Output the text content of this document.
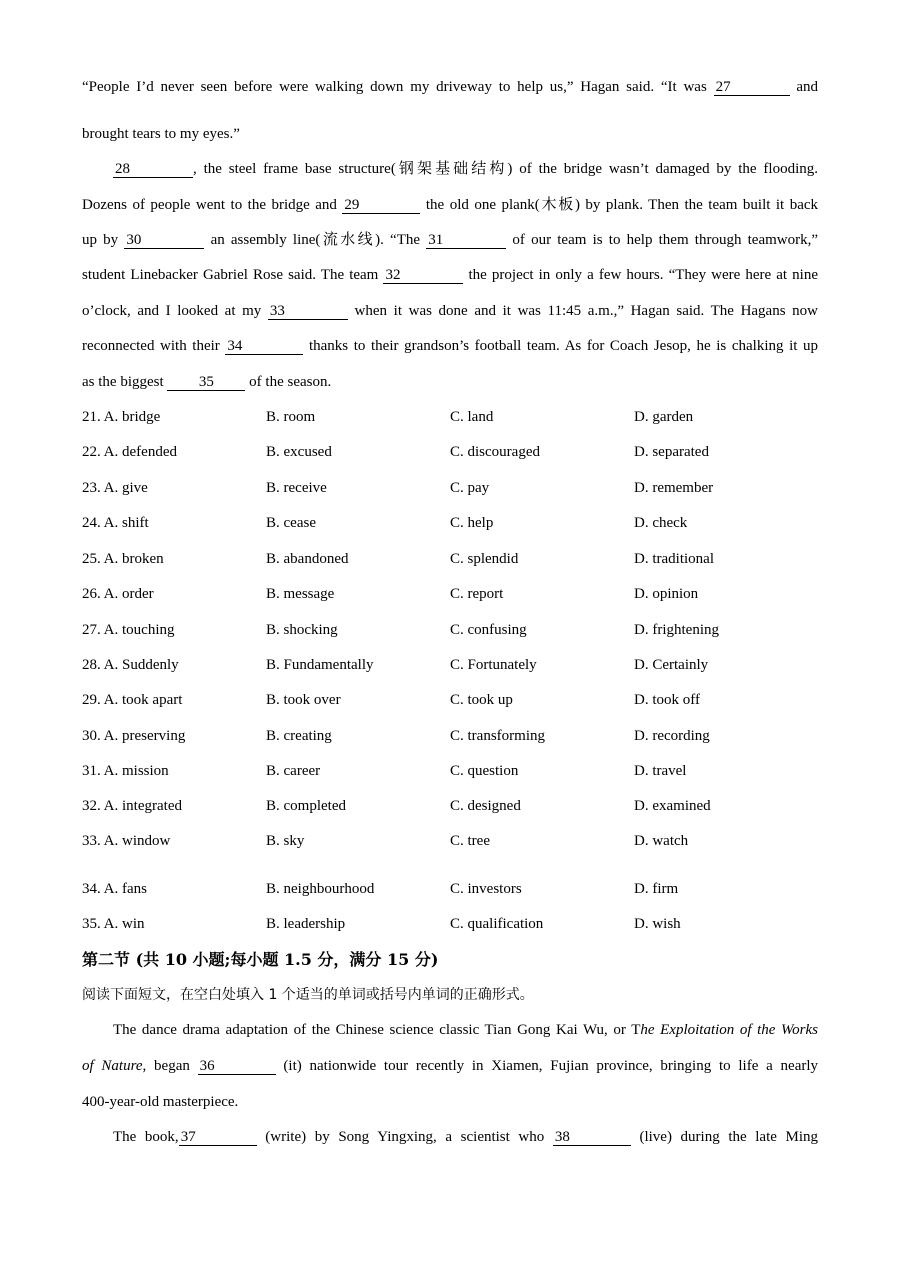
“People I’d never seen before were walking down my driveway to help us,” Hagan said. “It was 27	and
brought tears to my eyes.”
28	, the steel frame base structure(钢架基础结构) of the bridge wasn’t damaged by the flooding.
Dozens of people went to the bridge and 29	the old one plank(木板) by plank. Then the team built it back
up by 30	an assembly line(流水线). “The 31	of our team is to help them through teamwork,”
student Linebacker Gabriel Rose said. The team 32	the project in only a few hours. “They were here at nine
o’clock, and I looked at my 33	when it was done and it was 11:45 a.m.,” Hagan said. The Hagans now
reconnected with their 34	thanks to their grandson’s football team. As for Coach Jesop, he is chalking it up
as the biggest 35 of the season.
21. A. bridge	B. room	C. land	D. garden
22. A. defended	B. excused	C. discouraged	D. separated
23. A. give	B. receive	C. pay	D. remember
24. A. shift	B. cease	C. help	D. check
25. A. broken	B. abandoned	C. splendid	D. traditional
26. A. order	B. message	C. report	D. opinion
27. A. touching	B. shocking	C. confusing	D. frightening
28. A. Suddenly	B. Fundamentally	C. Fortunately	D. Certainly
29. A. took apart	B. took over	C. took up	D. took off
30. A. preserving	B. creating	C. transforming	D. recording
31. A. mission	B. career	C. question	D. travel
32. A. integrated	B. completed	C. designed	D. examined
33. A. window	B. sky	C. tree	D. watch
34. A. fans	B. neighbourhood	C. investors	D. firm
35. A. win	B. leadership	C. qualification	D. wish
第二节 (共 10 小题;每小题 1.5 分，满分 15 分)
阅读下面短文，在空白处填入 1 个适当的单词或括号内单词的正确形式。
The dance drama adaptation of the Chinese science classic Tian Gong Kai Wu, or The Exploitation of the Works
of Nature, began 36	(it) nationwide tour recently in Xiamen, Fujian province, bringing to life a nearly
400-year-old masterpiece.
The book, 37	(write) by Song Yingxing, a scientist who 38	(live) during the late Ming
